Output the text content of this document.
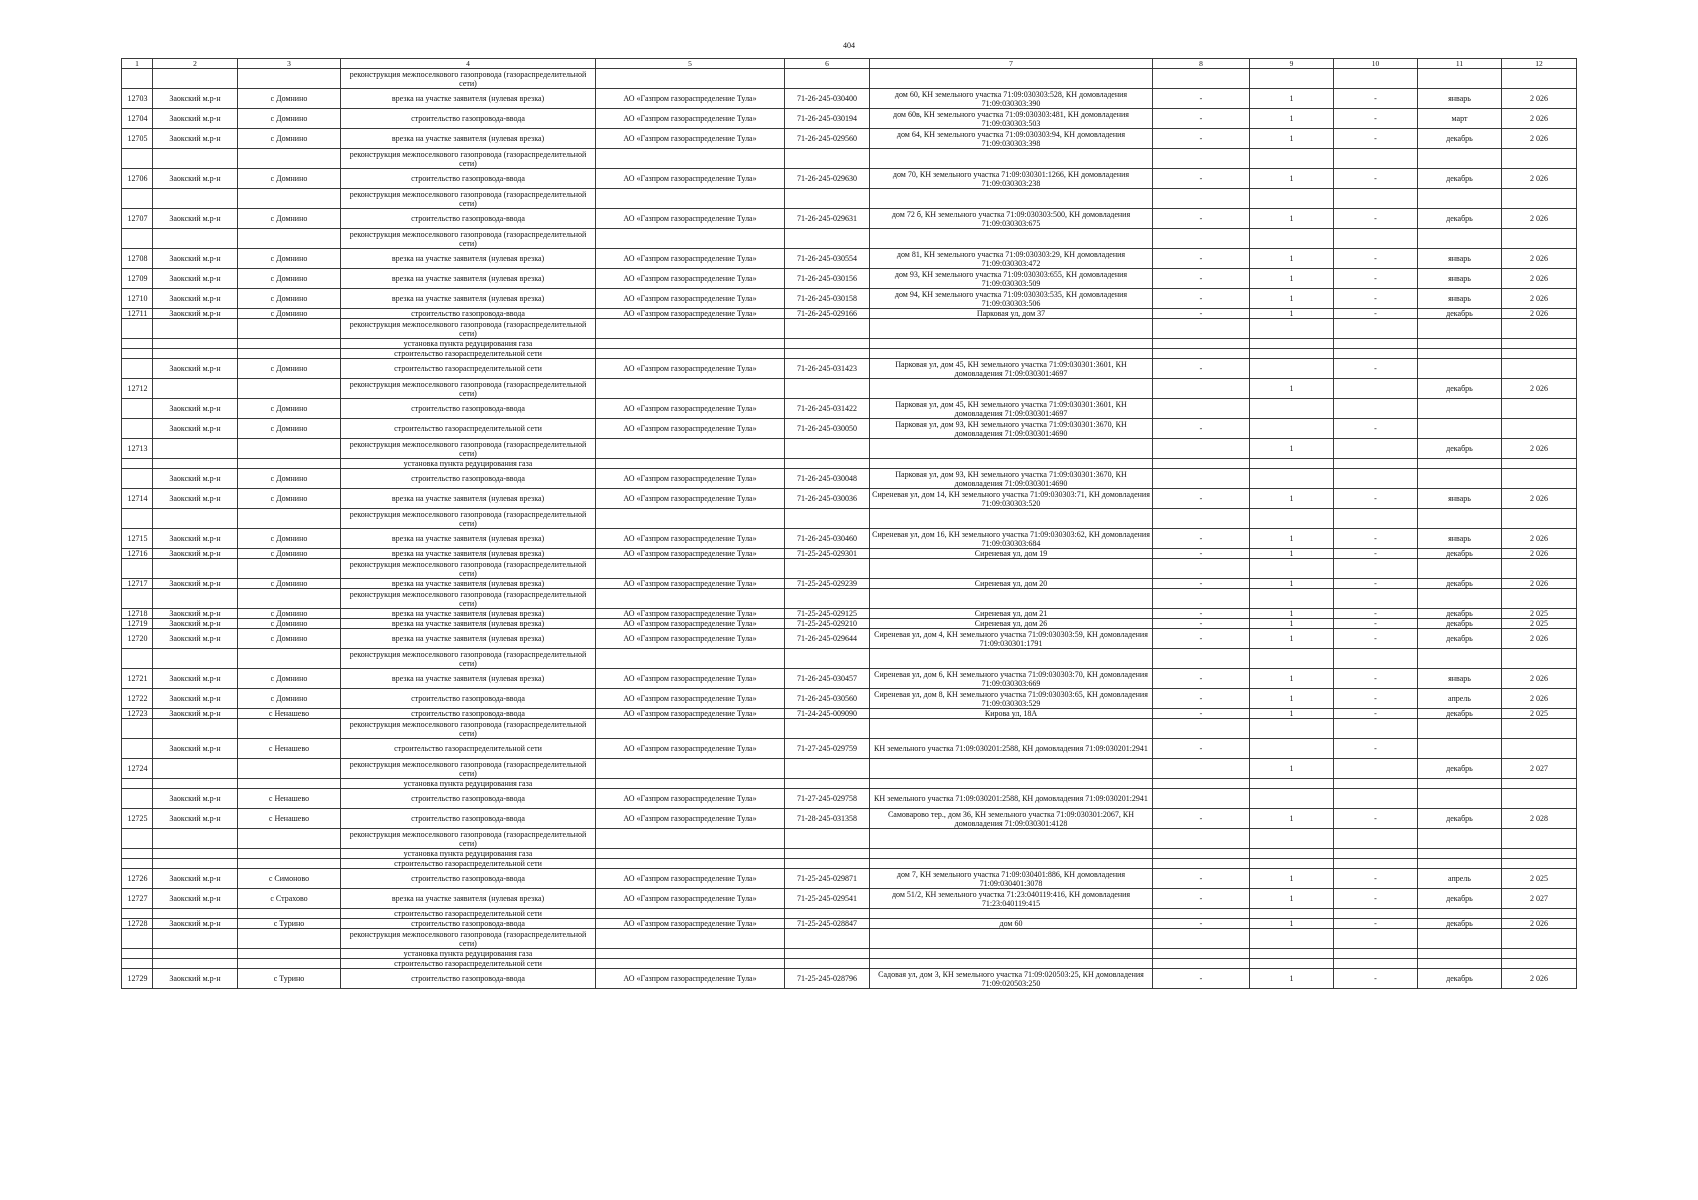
404
1	2	3	4	5	6	7	8	9	10	11	12
			реконструкция межпоселкового газопровода (газораспределительной сети)								
12703	Заокский м.р-н	с Домнино	врезка на участке заявителя (нулевая врезка)	АО «Газпром газораспределение Тула»	71-26-245-030400	дом 60, КН земельного участка 71:09:030303:528, КН домовладения 71:09:030303:390	-	1	-	январь	2 026
12704	Заокский м.р-н	с Домнино	строительство газопровода-ввода	АО «Газпром газораспределение Тула»	71-26-245-030194	дом 60в, КН земельного участка 71:09:030303:481, КН домовладения 71:09:030303:503	-	1	-	март	2 026
12705	Заокский м.р-н	с Домнино	врезка на участке заявителя (нулевая врезка)	АО «Газпром газораспределение Тула»	71-26-245-029560	дом 64, КН земельного участка 71:09:030303:94, КН домовладения 71:09:030303:398	-	1	-	декабрь	2 026
			реконструкция межпоселкового газопровода (газораспределительной сети)								
12706	Заокский м.р-н	с Домнино	строительство газопровода-ввода	АО «Газпром газораспределение Тула»	71-26-245-029630	дом 70, КН земельного участка 71:09:030301:1266, КН домовладения 71:09:030303:238	-	1	-	декабрь	2 026
			реконструкция межпоселкового газопровода (газораспределительной сети)								
12707	Заокский м.р-н	с Домнино	строительство газопровода-ввода	АО «Газпром газораспределение Тула»	71-26-245-029631	дом 72 б, КН земельного участка 71:09:030303:500, КН домовладения 71:09:030303:675	-	1	-	декабрь	2 026
			реконструкция межпоселкового газопровода (газораспределительной сети)								
12708	Заокский м.р-н	с Домнино	врезка на участке заявителя (нулевая врезка)	АО «Газпром газораспределение Тула»	71-26-245-030554	дом 81, КН земельного участка 71:09:030303:29, КН домовладения 71:09:030303:472	-	1	-	январь	2 026
12709	Заокский м.р-н	с Домнино	врезка на участке заявителя (нулевая врезка)	АО «Газпром газораспределение Тула»	71-26-245-030156	дом 93, КН земельного участка 71:09:030303:655, КН домовладения 71:09:030303:509	-	1	-	январь	2 026
12710	Заокский м.р-н	с Домнино	врезка на участке заявителя (нулевая врезка)	АО «Газпром газораспределение Тула»	71-26-245-030158	дом 94, КН земельного участка 71:09:030303:535, КН домовладения 71:09:030303:506	-	1	-	январь	2 026
12711	Заокский м.р-н	с Домнино	строительство газопровода-ввода	АО «Газпром газораспределение Тула»	71-26-245-029166	Парковая ул, дом 37	-	1	-	декабрь	2 026
			реконструкция межпоселкового газопровода (газораспределительной сети)								
			установка пункта редуцирования газа								
			строительство газораспределительной сети								
	Заокский м.р-н	с Домнино	строительство газораспределительной сети	АО «Газпром газораспределение Тула»	71-26-245-031423	Парковая ул, дом 45, КН земельного участка 71:09:030301:3601, КН домовладения 71:09:030301:4697	-		-		
12712			реконструкция межпоселкового газопровода (газораспределительной сети)					1		декабрь	2 026
	Заокский м.р-н	с Домнино	строительство газопровода-ввода	АО «Газпром газораспределение Тула»	71-26-245-031422	Парковая ул, дом 45, КН земельного участка 71:09:030301:3601, КН домовладения 71:09:030301:4697					
	Заокский м.р-н	с Домнино	строительство газораспределительной сети	АО «Газпром газораспределение Тула»	71-26-245-030050	Парковая ул, дом 93, КН земельного участка 71:09:030301:3670, КН домовладения 71:09:030301:4690	-		-		
12713			реконструкция межпоселкового газопровода (газораспределительной сети)					1		декабрь	2 026
			установка пункта редуцирования газа								
	Заокский м.р-н	с Домнино	строительство газопровода-ввода	АО «Газпром газораспределение Тула»	71-26-245-030048	Парковая ул, дом 93, КН земельного участка 71:09:030301:3670, КН домовладения 71:09:030301:4690					
12714	Заокский м.р-н	с Домнино	врезка на участке заявителя (нулевая врезка)	АО «Газпром газораспределение Тула»	71-26-245-030036	Сиреневая ул, дом 14, КН земельного участка 71:09:030303:71, КН домовладения 71:09:030303:520	-	1	-	январь	2 026
			реконструкция межпоселкового газопровода (газораспределительной сети)								
12715	Заокский м.р-н	с Домнино	врезка на участке заявителя (нулевая врезка)	АО «Газпром газораспределение Тула»	71-26-245-030460	Сиреневая ул, дом 16, КН земельного участка 71:09:030303:62, КН домовладения 71:09:030303:684	-	1	-	январь	2 026
12716	Заокский м.р-н	с Домнино	врезка на участке заявителя (нулевая врезка)	АО «Газпром газораспределение Тула»	71-25-245-029301	Сиреневая ул, дом 19	-	1	-	декабрь	2 026
			реконструкция межпоселкового газопровода (газораспределительной сети)								
12717	Заокский м.р-н	с Домнино	врезка на участке заявителя (нулевая врезка)	АО «Газпром газораспределение Тула»	71-25-245-029239	Сиреневая ул, дом 20	-	1	-	декабрь	2 026
			реконструкция межпоселкового газопровода (газораспределительной сети)								
12718	Заокский м.р-н	с Домнино	врезка на участке заявителя (нулевая врезка)	АО «Газпром газораспределение Тула»	71-25-245-029125	Сиреневая ул, дом 21	-	1	-	декабрь	2 025
12719	Заокский м.р-н	с Домнино	врезка на участке заявителя (нулевая врезка)	АО «Газпром газораспределение Тула»	71-25-245-029210	Сиреневая ул, дом 26	-	1	-	декабрь	2 025
12720	Заокский м.р-н	с Домнино	врезка на участке заявителя (нулевая врезка)	АО «Газпром газораспределение Тула»	71-26-245-029644	Сиреневая ул, дом 4, КН земельного участка 71:09:030303:59, КН домовладения 71:09:030301:1791	-	1	-	декабрь	2 026
			реконструкция межпоселкового газопровода (газораспределительной сети)								
12721	Заокский м.р-н	с Домнино	врезка на участке заявителя (нулевая врезка)	АО «Газпром газораспределение Тула»	71-26-245-030457	Сиреневая ул, дом 6, КН земельного участка 71:09:030303:70, КН домовладения 71:09:030303:669	-	1	-	январь	2 026
12722	Заокский м.р-н	с Домнино	строительство газопровода-ввода	АО «Газпром газораспределение Тула»	71-26-245-030560	Сиреневая ул, дом 8, КН земельного участка 71:09:030303:65, КН домовладения 71:09:030303:529	-	1	-	апрель	2 026
12723	Заокский м.р-н	с Ненашево	строительство газопровода-ввода	АО «Газпром газораспределение Тула»	71-24-245-009090	Кирова ул, 18А	-	1	-	декабрь	2 025
			реконструкция межпоселкового газопровода (газораспределительной сети)								
	Заокский м.р-н	с Ненашево	строительство газораспределительной сети	АО «Газпром газораспределение Тула»	71-27-245-029759	КН земельного участка 71:09:030201:2588, КН домовладения 71:09:030201:2941	-		-		
12724			реконструкция межпоселкового газопровода (газораспределительной сети)					1		декабрь	2 027
			установка пункта редуцирования газа								
	Заокский м.р-н	с Ненашево	строительство газопровода-ввода	АО «Газпром газораспределение Тула»	71-27-245-029758	КН земельного участка 71:09:030201:2588, КН домовладения 71:09:030201:2941					
12725	Заокский м.р-н	с Ненашево	строительство газопровода-ввода	АО «Газпром газораспределение Тула»	71-28-245-031358	Самоварово тер., дом 36, КН земельного участка 71:09:030301:2067, КН домовладения 71:09:030301:4128	-	1	-	декабрь	2 028
			реконструкция межпоселкового газопровода (газораспределительной сети)								
			установка пункта редуцирования газа								
			строительство газораспределительной сети								
12726	Заокский м.р-н	с Симоново	строительство газопровода-ввода	АО «Газпром газораспределение Тула»	71-25-245-029871	дом 7, КН земельного участка 71:09:030401:886, КН домовладения 71:09:030401:3078	-	1	-	апрель	2 025
12727	Заокский м.р-н	с Страхово	врезка на участке заявителя (нулевая врезка)	АО «Газпром газораспределение Тула»	71-25-245-029541	дом 51/2, КН земельного участка 71:23:040119:416, КН домовладения 71:23:040119:415	-	1	-	декабрь	2 027
			строительство газораспределительной сети								
12728	Заокский м.р-н	с Турино	строительство газопровода-ввода	АО «Газпром газораспределение Тула»	71-25-245-028847	дом 60	-	1	-	декабрь	2 026
			реконструкция межпоселкового газопровода (газораспределительной сети)								
			установка пункта редуцирования газа								
			строительство газораспределительной сети								
12729	Заокский м.р-н	с Турино	строительство газопровода-ввода	АО «Газпром газораспределение Тула»	71-25-245-028796	Садовая ул, дом 3, КН земельного участка 71:09:020503:25, КН домовладения 71:09:020503:250	-	1	-	декабрь	2 026
